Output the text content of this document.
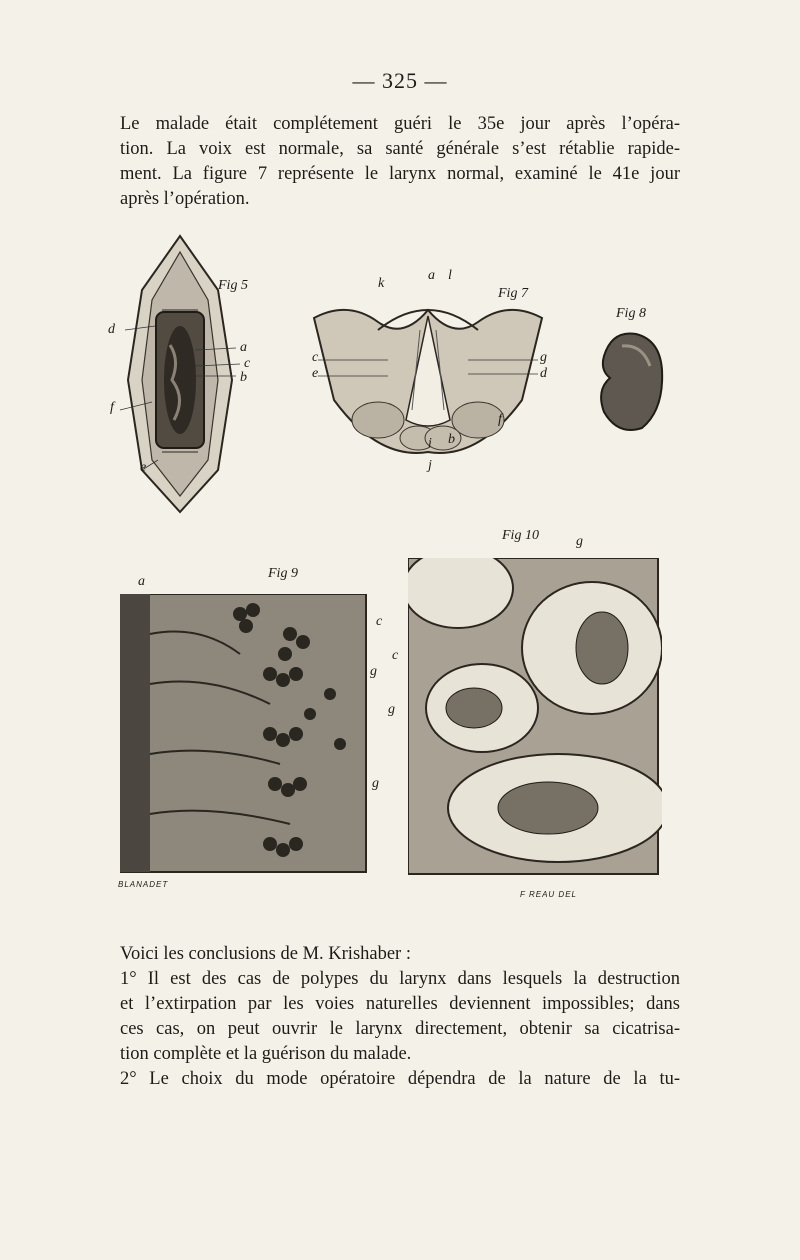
— 325 —

Le malade était complétement guéri le 35e jour après l’opéra-

tion. La voix est normale, sa santé générale s’est rétablie rapide-

ment. La figure 7 représente le larynx normal, examiné le 41e jour

après l’opération.

Fig 5
d
a
c
b
f
e
k
a l
Fig 7
c
e
g
d
f
b
i
j
Fig 8
Fig 9
a
c
g
g
BLANADET
Fig 10	g
c
g
F REAU DEL

Voici les conclusions de M. Krishaber :

1° Il est des cas de polypes du larynx dans lesquels la destruction

et l’extirpation par les voies naturelles deviennent impossibles; dans

ces cas, on peut ouvrir le larynx directement, obtenir sa cicatrisa-

tion complète et la guérison du malade.

2° Le choix du mode opératoire dépendra de la nature de la tu-
